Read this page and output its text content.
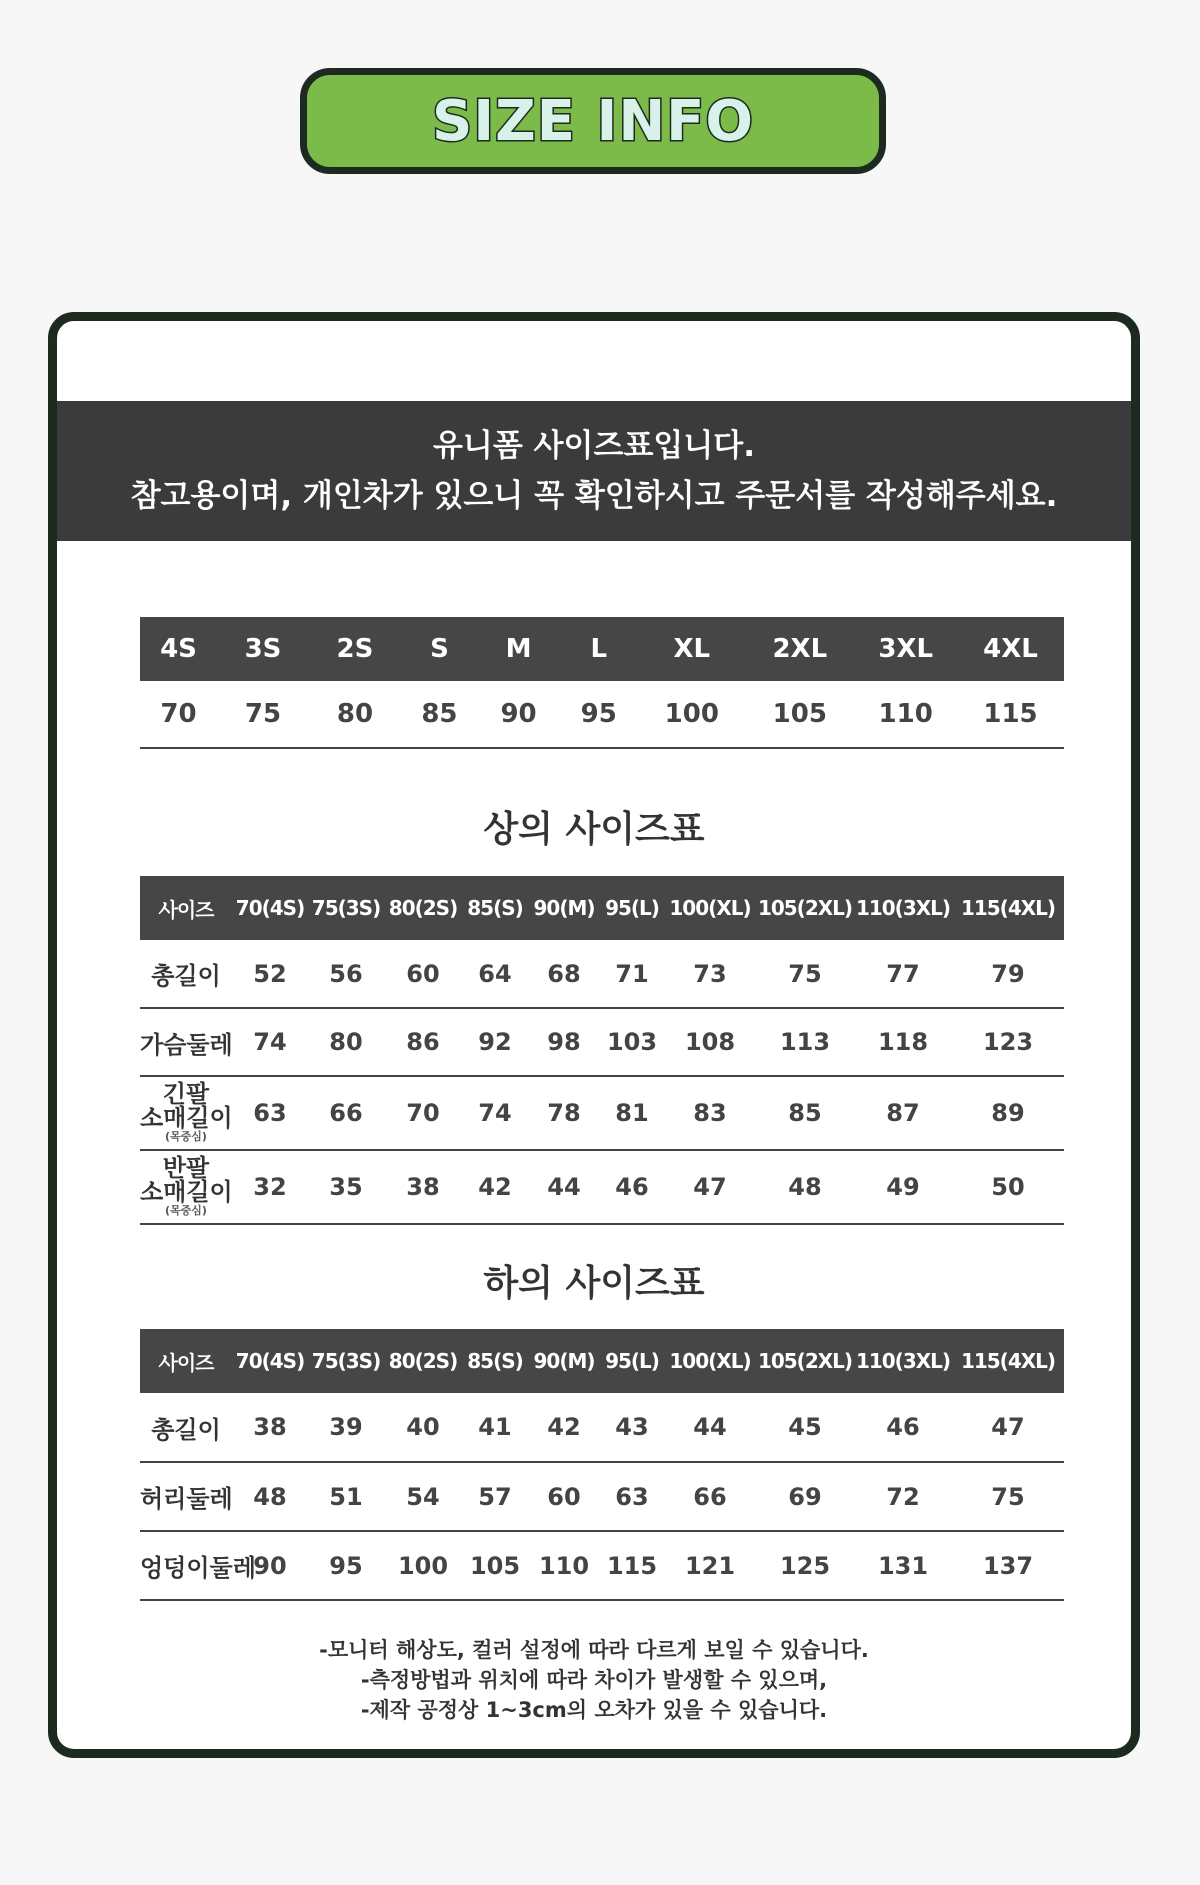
SIZE INFO
유니폼 사이즈표입니다.
참고용이며, 개인차가 있으니 꼭 확인하시고 주문서를 작성해주세요.
4S	3S	2S	S	M	L	XL	2XL	3XL	4XL
70	75	80	85	90	95	100	105	110	115
상의 사이즈표
사이즈	70(4S)	75(3S)	80(2S)	85(S)	90(M)	95(L)	100(XL)	105(2XL)	110(3XL)	115(4XL)
총길이	52	56	60	64	68	71	73	75	77	79
가슴둘레	74	80	86	92	98	103	108	113	118	123

긴팔
소매길이
(목중심)	63	66	70	74	78	81	83	85	87	89

반팔
소매길이
(목중심)	32	35	38	42	44	46	47	48	49	50
하의 사이즈표
사이즈	70(4S)	75(3S)	80(2S)	85(S)	90(M)	95(L)	100(XL)	105(2XL)	110(3XL)	115(4XL)
총길이	38	39	40	41	42	43	44	45	46	47
허리둘레	48	51	54	57	60	63	66	69	72	75
엉덩이둘레	90	95	100	105	110	115	121	125	131	137
-모니터 해상도, 컬러 설정에 따라 다르게 보일 수 있습니다.
-측정방법과 위치에 따라 차이가 발생할 수 있으며,
-제작 공정상 1~3cm의 오차가 있을 수 있습니다.
